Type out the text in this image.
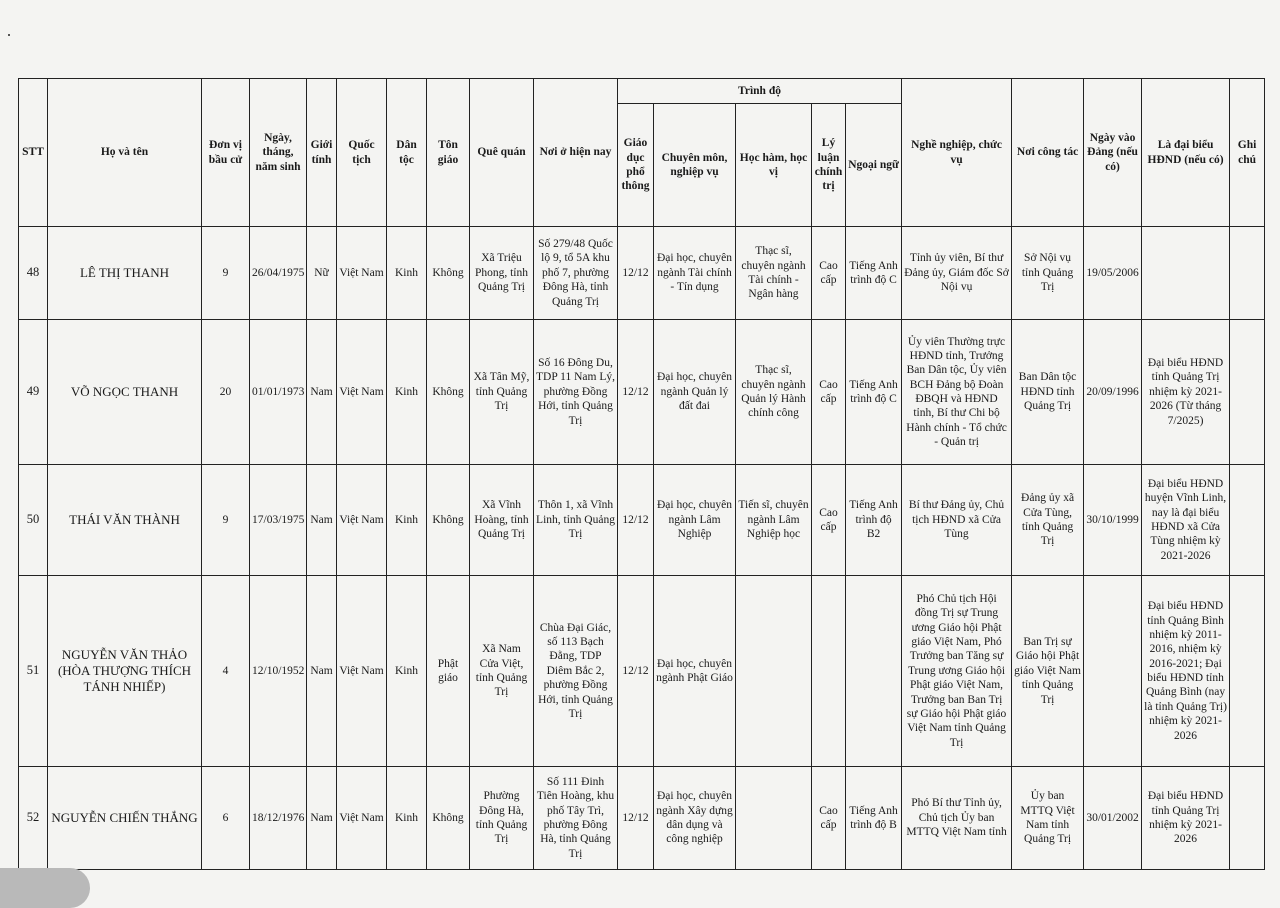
STT	Họ và tên	Đơn vị bầu cử	Ngày, tháng, năm sinh	Giới tính	Quốc tịch	Dân tộc	Tôn giáo	Quê quán	Nơi ở hiện nay	Trình độ					Nghề nghiệp, chức vụ	Nơi công tác	Ngày vào Đảng (nếu có)	Là đại biểu HĐND (nếu có)	Ghi chú
										Giáo dục phổ thông	Chuyên môn, nghiệp vụ	Học hàm, học vị	Lý luận chính trị	Ngoại ngữ					
48	LÊ THỊ THANH	9	26/04/1975	Nữ	Việt Nam	Kinh	Không	Xã Triệu Phong, tỉnh Quảng Trị	Số 279/48 Quốc lộ 9, tổ 5A khu phố 7, phường Đông Hà, tỉnh Quảng Trị	12/12	Đại học, chuyên ngành Tài chính - Tín dụng	Thạc sĩ, chuyên ngành Tài chính - Ngân hàng	Cao cấp	Tiếng Anh trình độ C	Tỉnh ủy viên, Bí thư Đảng ủy, Giám đốc Sở Nội vụ	Sở Nội vụ tỉnh Quảng Trị	19/05/2006		
49	VÕ NGỌC THANH	20	01/01/1973	Nam	Việt Nam	Kinh	Không	Xã Tân Mỹ, tỉnh Quảng Trị	Số 16 Đông Du, TDP 11 Nam Lý, phường Đồng Hới, tỉnh Quảng Trị	12/12	Đại học, chuyên ngành Quản lý đất đai	Thạc sĩ, chuyên ngành Quản lý Hành chính công	Cao cấp	Tiếng Anh trình độ C	Ủy viên Thường trực HĐND tỉnh, Trưởng Ban Dân tộc, Ủy viên BCH Đảng bộ Đoàn ĐBQH và HĐND tỉnh, Bí thư Chi bộ Hành chính - Tổ chức - Quản trị	Ban Dân tộc HĐND tỉnh Quảng Trị	20/09/1996	Đại biểu HĐND tỉnh Quảng Trị nhiệm kỳ 2021-2026 (Từ tháng 7/2025)	
50	THÁI VĂN THÀNH	9	17/03/1975	Nam	Việt Nam	Kinh	Không	Xã Vĩnh Hoàng, tỉnh Quảng Trị	Thôn 1, xã Vĩnh Linh, tỉnh Quảng Trị	12/12	Đại học, chuyên ngành Lâm Nghiệp	Tiến sĩ, chuyên ngành Lâm Nghiệp học	Cao cấp	Tiếng Anh trình độ B2	Bí thư Đảng ủy, Chủ tịch HĐND xã Cửa Tùng	Đảng ủy xã Cửa Tùng, tỉnh Quảng Trị	30/10/1999	Đại biểu HĐND huyện Vĩnh Linh, nay là đại biểu HĐND xã Cửa Tùng nhiệm kỳ 2021-2026	
51	NGUYỄN VĂN THẢO (HÒA THƯỢNG THÍCH TÁNH NHIẾP)	4	12/10/1952	Nam	Việt Nam	Kinh	Phật giáo	Xã Nam Cửa Việt, tỉnh Quảng Trị	Chùa Đại Giác, số 113 Bạch Đằng, TDP Diêm Bắc 2, phường Đồng Hới, tỉnh Quảng Trị	12/12	Đại học, chuyên ngành Phật Giáo				Phó Chủ tịch Hội đồng Trị sự Trung ương Giáo hội Phật giáo Việt Nam, Phó Trưởng ban Tăng sự Trung ương Giáo hội Phật giáo Việt Nam, Trưởng ban Ban Trị sự Giáo hội Phật giáo Việt Nam tỉnh Quảng Trị	Ban Trị sự Giáo hội Phật giáo Việt Nam tỉnh Quảng Trị		Đại biểu HĐND tỉnh Quảng Bình nhiệm kỳ 2011-2016, nhiệm kỳ 2016-2021; Đại biểu HĐND tỉnh Quảng Bình (nay là tỉnh Quảng Trị) nhiệm kỳ 2021-2026	
52	NGUYỄN CHIẾN THẮNG	6	18/12/1976	Nam	Việt Nam	Kinh	Không	Phường Đông Hà, tỉnh Quảng Trị	Số 111 Đinh Tiên Hoàng, khu phố Tây Trì, phường Đông Hà, tỉnh Quảng Trị	12/12	Đại học, chuyên ngành Xây dựng dân dụng và công nghiệp		Cao cấp	Tiếng Anh trình độ B	Phó Bí thư Tỉnh ủy, Chủ tịch Ủy ban MTTQ Việt Nam tỉnh	Ủy ban MTTQ Việt Nam tỉnh Quảng Trị	30/01/2002	Đại biểu HĐND tỉnh Quảng Trị nhiệm kỳ 2021-2026	
